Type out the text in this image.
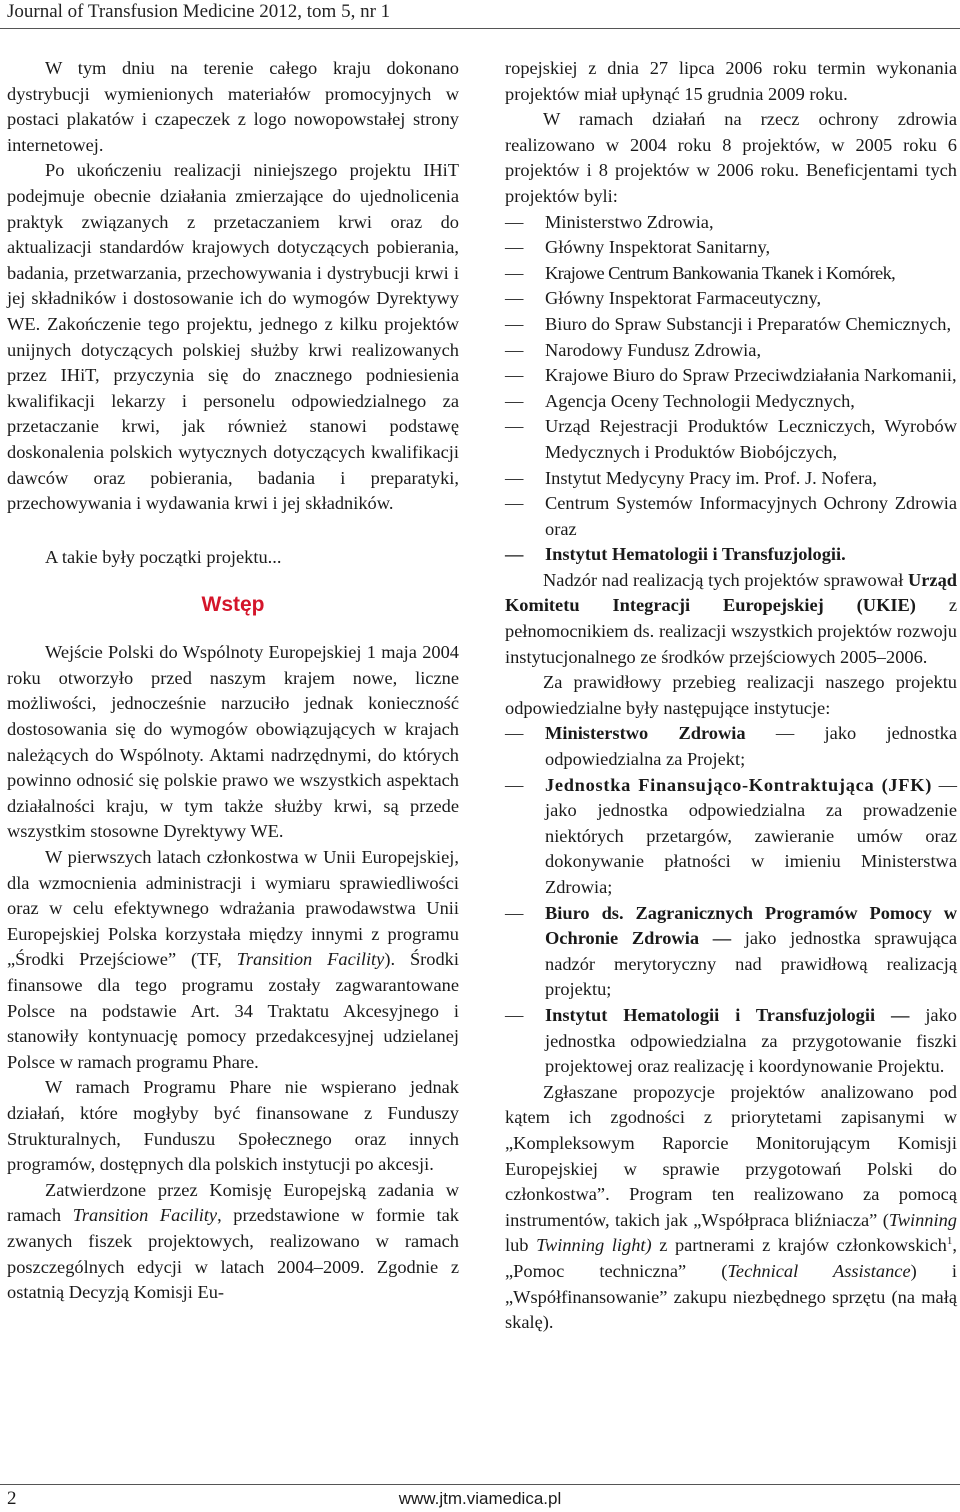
Journal of Transfusion Medicine 2012, tom 5, nr 1

W tym dniu na terenie całego kraju dokonano dystrybucji wymienionych materiałów promocyjnych w postaci plakatów i czapeczek z logo nowopowstałej strony internetowej.

Po ukończeniu realizacji niniejszego projektu IHiT podejmuje obecnie działania zmierzające do ujednolicenia praktyk związanych z przetaczaniem krwi oraz do aktualizacji standardów krajowych dotyczących pobierania, badania, przetwarzania, przechowywania i dystrybucji krwi i jej składników i dostosowanie ich do wymogów Dyrektywy WE. Zakończenie tego projektu, jednego z kilku projektów unijnych dotyczących polskiej służby krwi realizowanych przez IHiT, przyczynia się do znacznego podniesienia kwalifikacji lekarzy i personelu odpowiedzialnego za przetaczanie krwi, jak również stanowi podstawę doskonalenia polskich wytycznych dotyczących kwalifikacji dawców oraz pobierania, badania i preparatyki, przechowywania i wydawania krwi i jej składników.

A takie były początki projektu...

Wstęp

Wejście Polski do Wspólnoty Europejskiej 1 maja 2004 roku otworzyło przed naszym krajem nowe, liczne możliwości, jednocześnie narzuciło jednak konieczność dostosowania się do wymogów obowiązujących w krajach należących do Wspólnoty. Aktami nadrzędnymi, do których powinno odnosić się polskie prawo we wszystkich aspektach działalności kraju, w tym także służby krwi, są przede wszystkim stosowne Dyrektywy WE.

W pierwszych latach członkostwa w Unii Europejskiej, dla wzmocnienia administracji i wymiaru sprawiedliwości oraz w celu efektywnego wdrażania prawodawstwa Unii Europejskiej Polska korzystała między innymi z programu „Środki Przejściowe” (TF, Transition Facility). Środki finansowe dla tego programu zostały zagwarantowane Polsce na podstawie Art. 34 Traktatu Akcesyjnego i stanowiły kontynuację pomocy przedakcesyjnej udzielanej Polsce w ramach programu Phare.

W ramach Programu Phare nie wspierano jednak działań, które mogłyby być finansowane z Funduszy Strukturalnych, Funduszu Społecznego oraz innych programów, dostępnych dla polskich instytucji po akcesji.

Zatwierdzone przez Komisję Europejską zadania w ramach Transition Facility, przedstawione w formie tak zwanych fiszek projektowych, realizowano w ramach poszczególnych edycji w latach 2004–2009. Zgodnie z ostatnią Decyzją Komisji Eu-

ropejskiej z dnia 27 lipca 2006 roku termin wykonania projektów miał upłynąć 15 grudnia 2009 roku.

W ramach działań na rzecz ochrony zdrowia realizowano w 2004 roku 8 projektów, w 2005 roku 6 projektów i 8 projektów w 2006 roku. Beneficjentami tych projektów byli:

— Ministerstwo Zdrowia,
— Główny Inspektorat Sanitarny,
— Krajowe Centrum Bankowania Tkanek i Komórek,
— Główny Inspektorat Farmaceutyczny,
— Biuro do Spraw Substancji i Preparatów Chemicznych,
— Narodowy Fundusz Zdrowia,
— Krajowe Biuro do Spraw Przeciwdziałania Narkomanii,
— Agencja Oceny Technologii Medycznych,
— Urząd Rejestracji Produktów Leczniczych, Wyrobów Medycznych i Produktów Biobójczych,
— Instytut Medycyny Pracy im. Prof. J. Nofera,
— Centrum Systemów Informacyjnych Ochrony Zdrowia oraz
— Instytut Hematologii i Transfuzjologii.

Nadzór nad realizacją tych projektów sprawował Urząd Komitetu Integracji Europejskiej (UKIE) z pełnomocnikiem ds. realizacji wszystkich projektów rozwoju instytucjonalnego ze środków przejściowych 2005–2006.

Za prawidłowy przebieg realizacji naszego projektu odpowiedzialne były następujące instytucje:

— Ministerstwo Zdrowia — jako jednostka odpowiedzialna za Projekt;
— Jednostka Finansująco-Kontraktująca (JFK) — jako jednostka odpowiedzialna za prowadzenie niektórych przetargów, zawieranie umów oraz dokonywanie płatności w imieniu Ministerstwa Zdrowia;
— Biuro ds. Zagranicznych Programów Pomocy w Ochronie Zdrowia — jako jednostka sprawująca nadzór merytoryczny nad prawidłową realizacją projektu;
— Instytut Hematologii i Transfuzjologii — jako jednostka odpowiedzialna za przygotowanie fiszki projektowej oraz realizację i koordynowanie Projektu.

Zgłaszane propozycje projektów analizowano pod kątem ich zgodności z priorytetami zapisanymi w „Kompleksowym Raporcie Monitorującym Komisji Europejskiej w sprawie przygotowań Polski do członkostwa”. Program ten realizowano za pomocą instrumentów, takich jak „Współpraca bliźniacza” (Twinning lub Twinning light) z partnerami z krajów członkowskich$^1$, „Pomoc techniczna” (Technical Assistance) i „Współfinansowanie” zakupu niezbędnego sprzętu (na małą skalę).

2	www.jtm.viamedica.pl
